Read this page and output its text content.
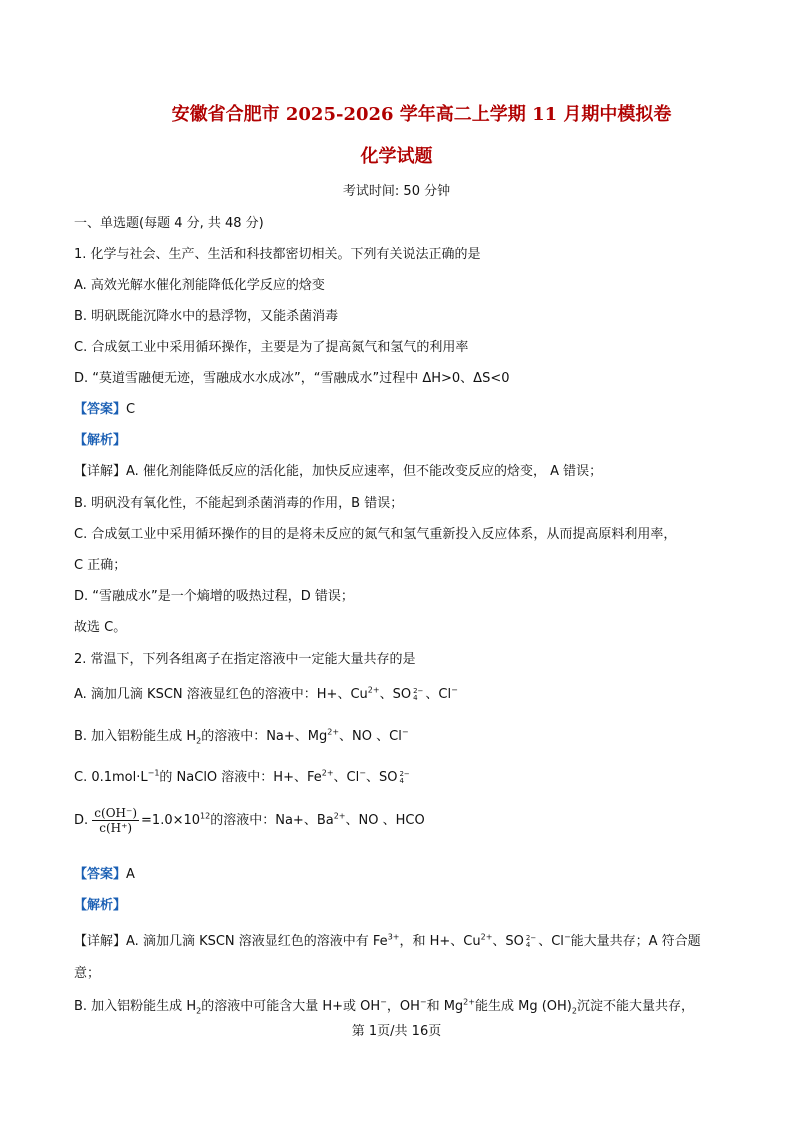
安徽省合肥市 2025-2026 学年高二上学期 11 月期中模拟卷
化学试题
考试时间: 50 分钟
一、单选题(每题 4 分, 共 48 分)
1. 化学与社会、生产、生活和科技都密切相关。下列有关说法正确的是
A. 高效光解水催化剂能降低化学反应的焓变
B. 明矾既能沉降水中的悬浮物，又能杀菌消毒
C. 合成氨工业中采用循环操作，主要是为了提高氮气和氢气的利用率
D. “莫道雪融便无迹，雪融成水水成冰”，“雪融成水”过程中 ΔH>0、ΔS<0
【答案】C
【解析】
【详解】A. 催化剂能降低反应的活化能，加快反应速率，但不能改变反应的焓变， A 错误；
B. 明矾没有氧化性，不能起到杀菌消毒的作用，B 错误；
C. 合成氨工业中采用循环操作的目的是将未反应的氮气和氢气重新投入反应体系，从而提高原料利用率，
C 正确；
D. “雪融成水”是一个熵增的吸热过程，D 错误；
故选 C。
2. 常温下，下列各组离子在指定溶液中一定能大量共存的是
A. 滴加几滴 KSCN 溶液显红色的溶液中：H+、$Cu^{2+}$、SO 2−
4 、Cl−
B. 加入铝粉能生成 $H_2$的溶液中：Na+、$Mg^{2+}$、NO 、Cl−
C. $0.1mol\cdot L^{-1}$的 NaClO 溶液中：H+、$Fe^{2+}$、Cl−、SO 2−
4
D. $\frac{c(OH^-)}{c(H^+)} =1.0\times 10^{12}$的溶液中：Na+、$Ba^{2+}$、NO 、HCO
【答案】A
【解析】
【详解】A. 滴加几滴 KSCN 溶液显红色的溶液中有 $Fe^{3+}$，和 H+、$Cu^{2+}$、SO 2−
4 、Cl−能大量共存；A 符合题
意；
B. 加入铝粉能生成 $H_2$的溶液中可能含大量 H+或 OH−，OH−和 $Mg^{2+}$能生成 Mg $(OH)_2$沉淀不能大量共存，
第 1页/共 16页
